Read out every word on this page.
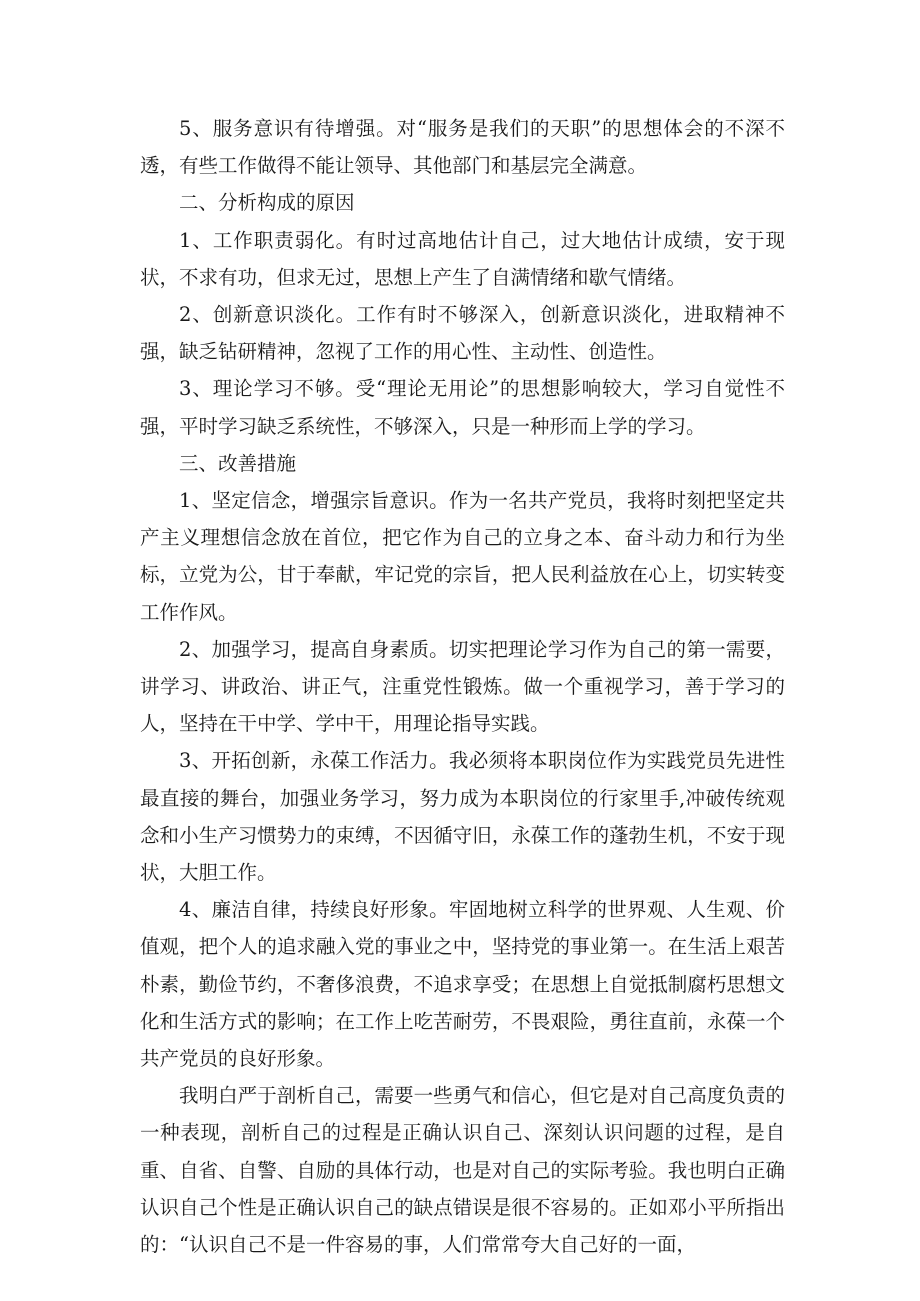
5、服务意识有待增强。对“服务是我们的天职”的思想体会的不深不透，有些工作做得不能让领导、其他部门和基层完全满意。

二、分析构成的原因

1、工作职责弱化。有时过高地估计自己，过大地估计成绩，安于现状，不求有功，但求无过，思想上产生了自满情绪和歇气情绪。

2、创新意识淡化。工作有时不够深入，创新意识淡化，进取精神不强，缺乏钻研精神，忽视了工作的用心性、主动性、创造性。

3、理论学习不够。受“理论无用论”的思想影响较大，学习自觉性不强，平时学习缺乏系统性，不够深入，只是一种形而上学的学习。

三、改善措施

1、坚定信念，增强宗旨意识。作为一名共产党员，我将时刻把坚定共产主义理想信念放在首位，把它作为自己的立身之本、奋斗动力和行为坐标，立党为公，甘于奉献，牢记党的宗旨，把人民利益放在心上，切实转变工作作风。

2、加强学习，提高自身素质。切实把理论学习作为自己的第一需要，讲学习、讲政治、讲正气，注重党性锻炼。做一个重视学习，善于学习的人，坚持在干中学、学中干，用理论指导实践。

3、开拓创新，永葆工作活力。我必须将本职岗位作为实践党员先进性最直接的舞台，加强业务学习，努力成为本职岗位的行家里手,冲破传统观念和小生产习惯势力的束缚，不因循守旧，永葆工作的蓬勃生机，不安于现状，大胆工作。

4、廉洁自律，持续良好形象。牢固地树立科学的世界观、人生观、价值观，把个人的追求融入党的事业之中，坚持党的事业第一。在生活上艰苦朴素，勤俭节约，不奢侈浪费，不追求享受；在思想上自觉抵制腐朽思想文化和生活方式的影响；在工作上吃苦耐劳，不畏艰险，勇往直前，永葆一个共产党员的良好形象。

我明白严于剖析自己，需要一些勇气和信心，但它是对自己高度负责的一种表现，剖析自己的过程是正确认识自己、深刻认识问题的过程，是自重、自省、自警、自励的具体行动，也是对自己的实际考验。我也明白正确认识自己个性是正确认识自己的缺点错误是很不容易的。正如邓小平所指出的：“认识自己不是一件容易的事，人们常常夸大自己好的一面，
